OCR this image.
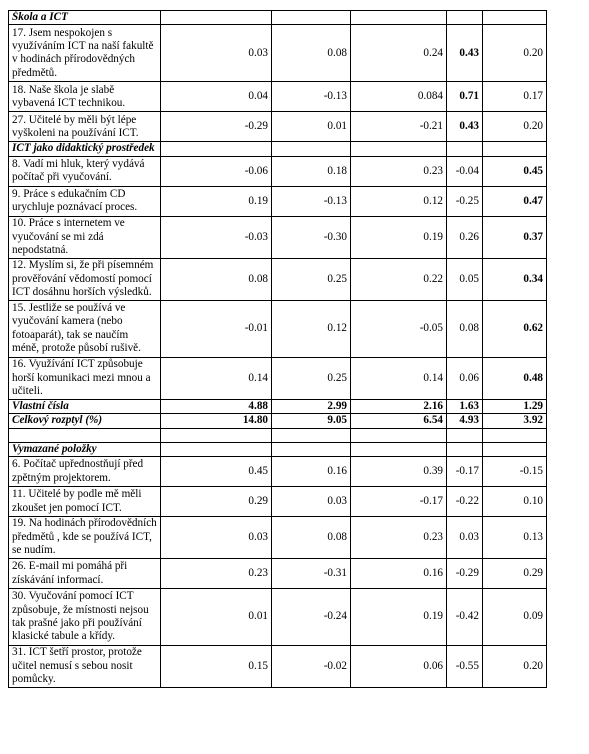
Škola a ICT					
17. Jsem nespokojen s využíváním ICT na naší fakultě v hodinách přírodovědných předmětů.	0.03	0.08	0.24	0.43	0.20
18. Naše škola je slabě vybavená ICT technikou.	0.04	-0.13	0.084	0.71	0.17
27. Učitelé by měli být lépe vyškoleni na používání ICT.	-0.29	0.01	-0.21	0.43	0.20
ICT jako didaktický prostředek					
8. Vadí mi hluk, který vydává počítač při vyučování.	-0.06	0.18	0.23	-0.04	0.45
9. Práce s edukačním CD urychluje poznávací proces.	0.19	-0.13	0.12	-0.25	0.47
10. Práce s internetem ve vyučování se mi zdá nepodstatná.	-0.03	-0.30	0.19	0.26	0.37
12. Myslím si, že při písemném prověřování vědomostí pomocí ICT dosáhnu horších výsledků.	0.08	0.25	0.22	0.05	0.34
15. Jestliže se používá ve vyučování kamera (nebo fotoaparát), tak se naučím méně, protože působí rušivě.	-0.01	0.12	-0.05	0.08	0.62
16. Využívání ICT způsobuje horší komunikaci mezi mnou a učiteli.	0.14	0.25	0.14	0.06	0.48
Vlastní čísla	4.88	2.99	2.16	1.63	1.29
Celkový rozptyl (%)	14.80	9.05	6.54	4.93	3.92

Vymazané položky					
6. Počítač upřednostňují před zpětným projektorem.	0.45	0.16	0.39	-0.17	-0.15
11. Učitelé by podle mě měli zkoušet jen pomocí ICT.	0.29	0.03	-0.17	-0.22	0.10
19. Na hodinách přírodovědních předmětů , kde se používá ICT, se nudím.	0.03	0.08	0.23	0.03	0.13
26. E-mail mi pomáhá při získávání informací.	0.23	-0.31	0.16	-0.29	0.29
30. Vyučování pomocí ICT způsobuje, že místnosti nejsou tak prašné jako při používání klasické tabule a křídy.	0.01	-0.24	0.19	-0.42	0.09
31. ICT šetří prostor, protože učitel nemusí s sebou nosit pomůcky.	0.15	-0.02	0.06	-0.55	0.20
